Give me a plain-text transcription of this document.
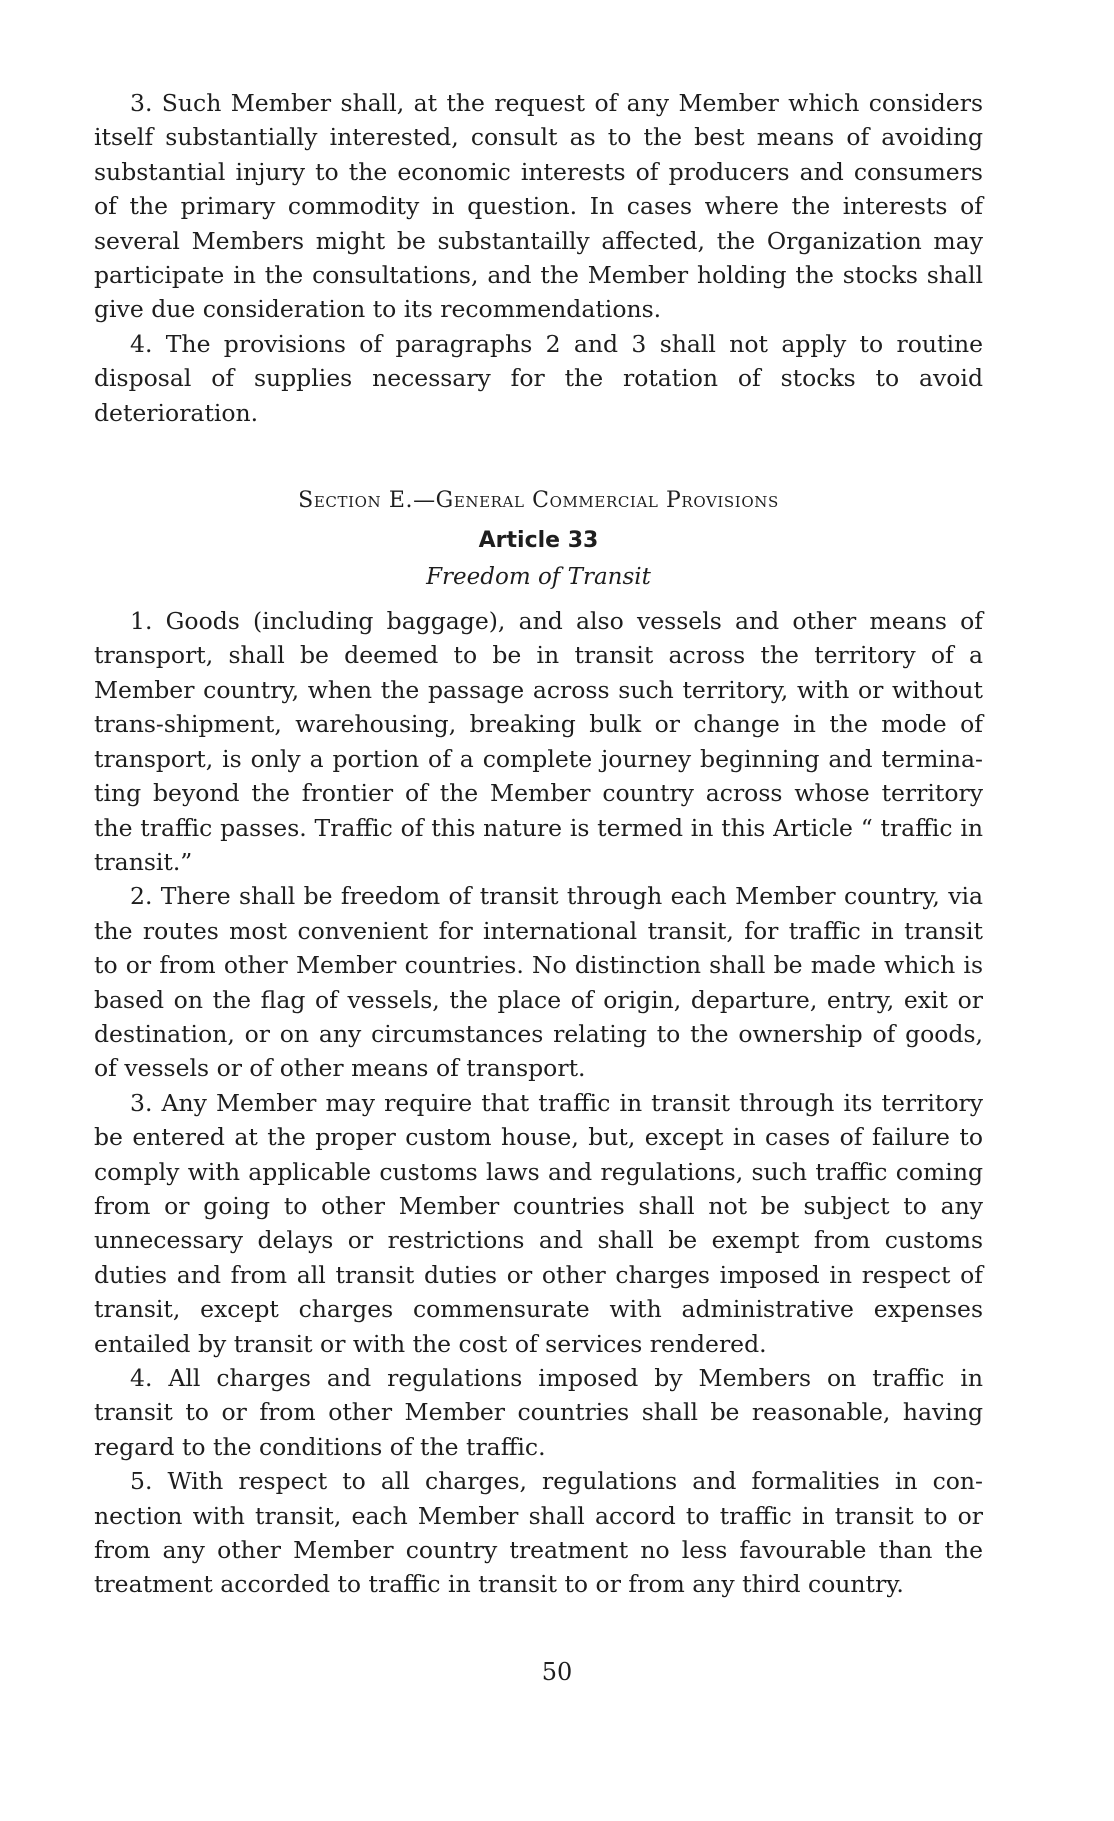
3. Such Member shall, at the request of any Member which considers itself substantially interested, consult as to the best means of avoiding substantial injury to the economic interests of producers and consumers of the primary commodity in question. In cases where the interests of several Members might be substantailly affected, the Organization may participate in the consultations, and the Member holding the stocks shall give due consideration to its recommendations.

4. The provisions of paragraphs 2 and 3 shall not apply to routine disposal of supplies necessary for the rotation of stocks to avoid deterioration.

Section E.—General Commercial Provisions
Article 33
Freedom of Transit

1. Goods (including baggage), and also vessels and other means of transport, shall be deemed to be in transit across the territory of a Member country, when the passage across such territory, with or without trans-shipment, warehousing, breaking bulk or change in the mode of transport, is only a portion of a complete journey beginning and terminating beyond the frontier of the Member country across whose territory the traffic passes. Traffic of this nature is termed in this Article “ traffic in transit.”

2. There shall be freedom of transit through each Member country, via the routes most convenient for international transit, for traffic in transit to or from other Member countries. No distinction shall be made which is based on the flag of vessels, the place of origin, departure, entry, exit or destination, or on any circumstances relating to the ownership of goods, of vessels or of other means of transport.

3. Any Member may require that traffic in transit through its territory be entered at the proper custom house, but, except in cases of failure to comply with applicable customs laws and regulations, such traffic coming from or going to other Member countries shall not be subject to any unnecessary delays or restrictions and shall be exempt from customs duties and from all transit duties or other charges imposed in respect of transit, except charges commensurate with administrative expenses entailed by transit or with the cost of services rendered.

4. All charges and regulations imposed by Members on traffic in transit to or from other Member countries shall be reasonable, having regard to the conditions of the traffic.

5. With respect to all charges, regulations and formalities in connection with transit, each Member shall accord to traffic in transit to or from any other Member country treatment no less favourable than the treatment accorded to traffic in transit to or from any third country.

50
